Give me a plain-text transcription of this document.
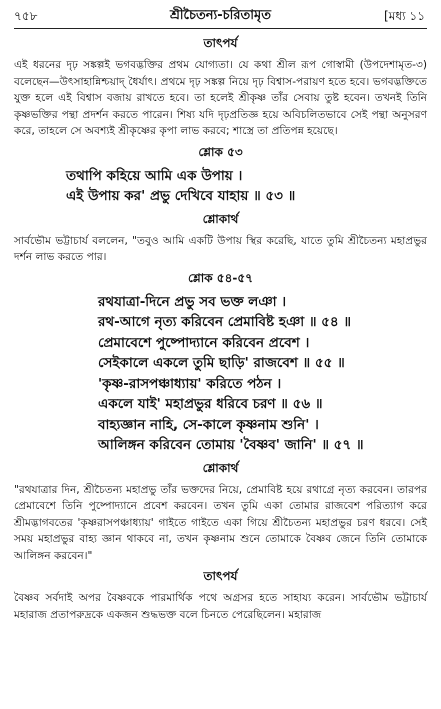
৭৫৮	শ্রীচৈতন্য-চরিতামৃত	[মধ্য ১১
তাৎপর্য

এই ধরনের দৃঢ় সঙ্কল্পই ভগবদ্ভক্তির প্রথম যোগ্যতা। যে কথা শ্রীল রূপ গোস্বামী (উপদেশামৃত-৩) বলেছেন—উৎসাহান্নিশ্চয়াদ্ ধৈর্যাৎ। প্রথমে দৃঢ় সঙ্কল্প নিয়ে দৃঢ় বিশ্বাস-পরায়ণ হতে হবে। ভগবদ্ভক্তিতে যুক্ত হলে এই বিশ্বাস বজায় রাখতে হবে। তা হলেই শ্রীকৃষ্ণ তাঁর সেবায় তুষ্ট হবেন। তখনই তিনি কৃষ্ণভক্তির পন্থা প্রদর্শন করতে পারেন। শিষ্য যদি দৃঢ়প্রতিজ্ঞ হয়ে অবিচলিতভাবে সেই পন্থা অনুসরণ করে, তাহলে সে অবশ্যই শ্রীকৃষ্ণের কৃপা লাভ করবে; শাস্ত্রে তা প্রতিপন্ন হয়েছে।

শ্লোক ৫৩
তথাপি কহিয়ে আমি এক উপায় ।
এই উপায় কর' প্রভু দেখিবে যাহায় ॥ ৫৩ ॥
শ্লোকার্থ

সার্বভৌম ভট্টাচার্য বললেন, "তবুও আমি একটি উপায় স্থির করেছি, যাতে তুমি শ্রীচৈতন্য মহাপ্রভুর দর্শন লাভ করতে পার।

শ্লোক ৫৪-৫৭
রথযাত্রা-দিনে প্রভু সব ভক্ত লঞা ।
রথ-আগে নৃত্য করিবেন প্রেমাবিষ্ট হঞা ॥ ৫৪ ॥
প্রেমাবেশে পুষ্পোদ্যানে করিবেন প্রবেশ ।
সেইকালে একলে তুমি ছাড়ি' রাজবেশ ॥ ৫৫ ॥
'কৃষ্ণ-রাসপঞ্চাধ্যায়' করিতে পঠন ।
একলে যাই' মহাপ্রভুর ধরিবে চরণ ॥ ৫৬ ॥
বাহ্যজ্ঞান নাহি, সে-কালে কৃষ্ণনাম শুনি' ।
আলিঙ্গন করিবেন তোমায় 'বৈষ্ণব' জানি' ॥ ৫৭ ॥
শ্লোকার্থ

"রথযাত্রার দিন, শ্রীচৈতন্য মহাপ্রভু তাঁর ভক্তদের নিয়ে, প্রেমাবিষ্ট হয়ে রথাগ্রে নৃত্য করবেন। তারপর প্রেমাবেশে তিনি পুষ্পোদ্যানে প্রবেশ করবেন। তখন তুমি একা তোমার রাজবেশ পরিত্যাগ করে শ্রীমদ্ভাগবতের 'কৃষ্ণরাসপঞ্চাধ্যায়' গাইতে গাইতে একা গিয়ে শ্রীচৈতন্য মহাপ্রভুর চরণ ধরবে। সেই সময় মহাপ্রভুর বাহ্য জ্ঞান থাকবে না, তখন কৃষ্ণনাম শুনে তোমাকে বৈষ্ণব জেনে তিনি তোমাকে আলিঙ্গন করবেন।"

তাৎপর্য

বৈষ্ণব সর্বদাই অপর বৈষ্ণবকে পারমার্থিক পথে অগ্রসর হতে সাহায্য করেন। সার্বভৌম ভট্টাচার্য মহারাজ প্রতাপরুদ্রকে একজন শুদ্ধভক্ত বলে চিনতে পেরেছিলেন। মহারাজ
